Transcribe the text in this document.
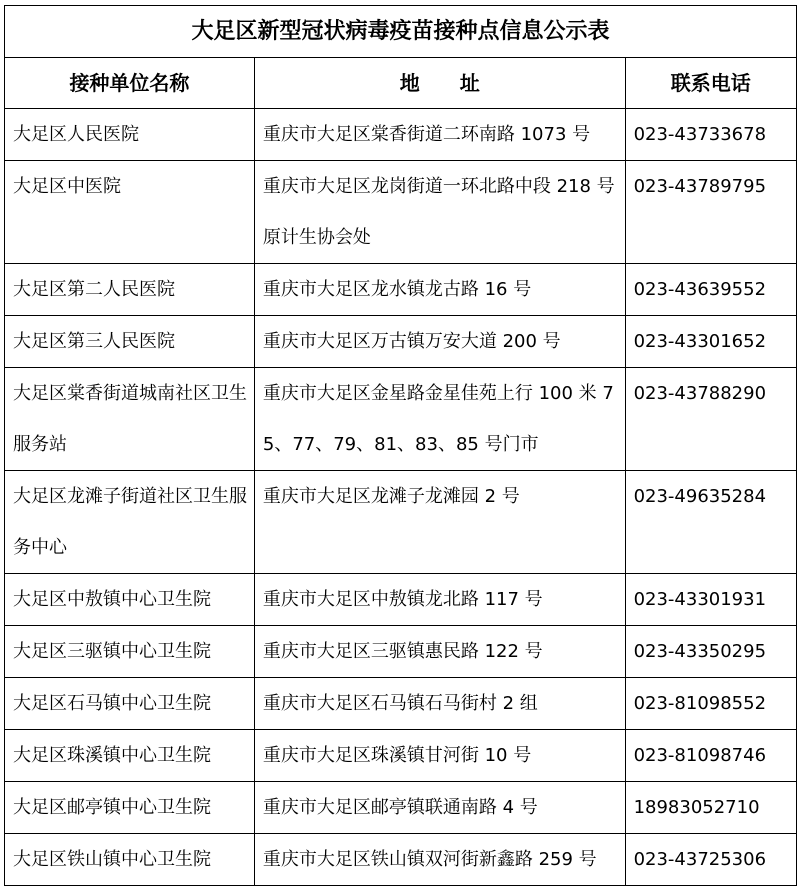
大足区新型冠状病毒疫苗接种点信息公示表		
接种单位名称	地　　址	联系电话
大足区人民医院	重庆市大足区棠香街道二环南路 1073 号	023-43733678
大足区中医院	重庆市大足区龙岗街道一环北路中段 218 号原计生协会处	023-43789795
大足区第二人民医院	重庆市大足区龙水镇龙古路 16 号	023-43639552
大足区第三人民医院	重庆市大足区万古镇万安大道 200 号	023-43301652
大足区棠香街道城南社区卫生服务站	重庆市大足区金星路金星佳苑上行 100 米 75、77、79、81、83、85 号门市	023-43788290
大足区龙滩子街道社区卫生服务中心	重庆市大足区龙滩子龙滩园 2 号	023-49635284
大足区中敖镇中心卫生院	重庆市大足区中敖镇龙北路 117 号	023-43301931
大足区三驱镇中心卫生院	重庆市大足区三驱镇惠民路 122 号	023-43350295
大足区石马镇中心卫生院	重庆市大足区石马镇石马街村 2 组	023-81098552
大足区珠溪镇中心卫生院	重庆市大足区珠溪镇甘河街 10 号	023-81098746
大足区邮亭镇中心卫生院	重庆市大足区邮亭镇联通南路 4 号	18983052710
大足区铁山镇中心卫生院	重庆市大足区铁山镇双河街新鑫路 259 号	023-43725306
